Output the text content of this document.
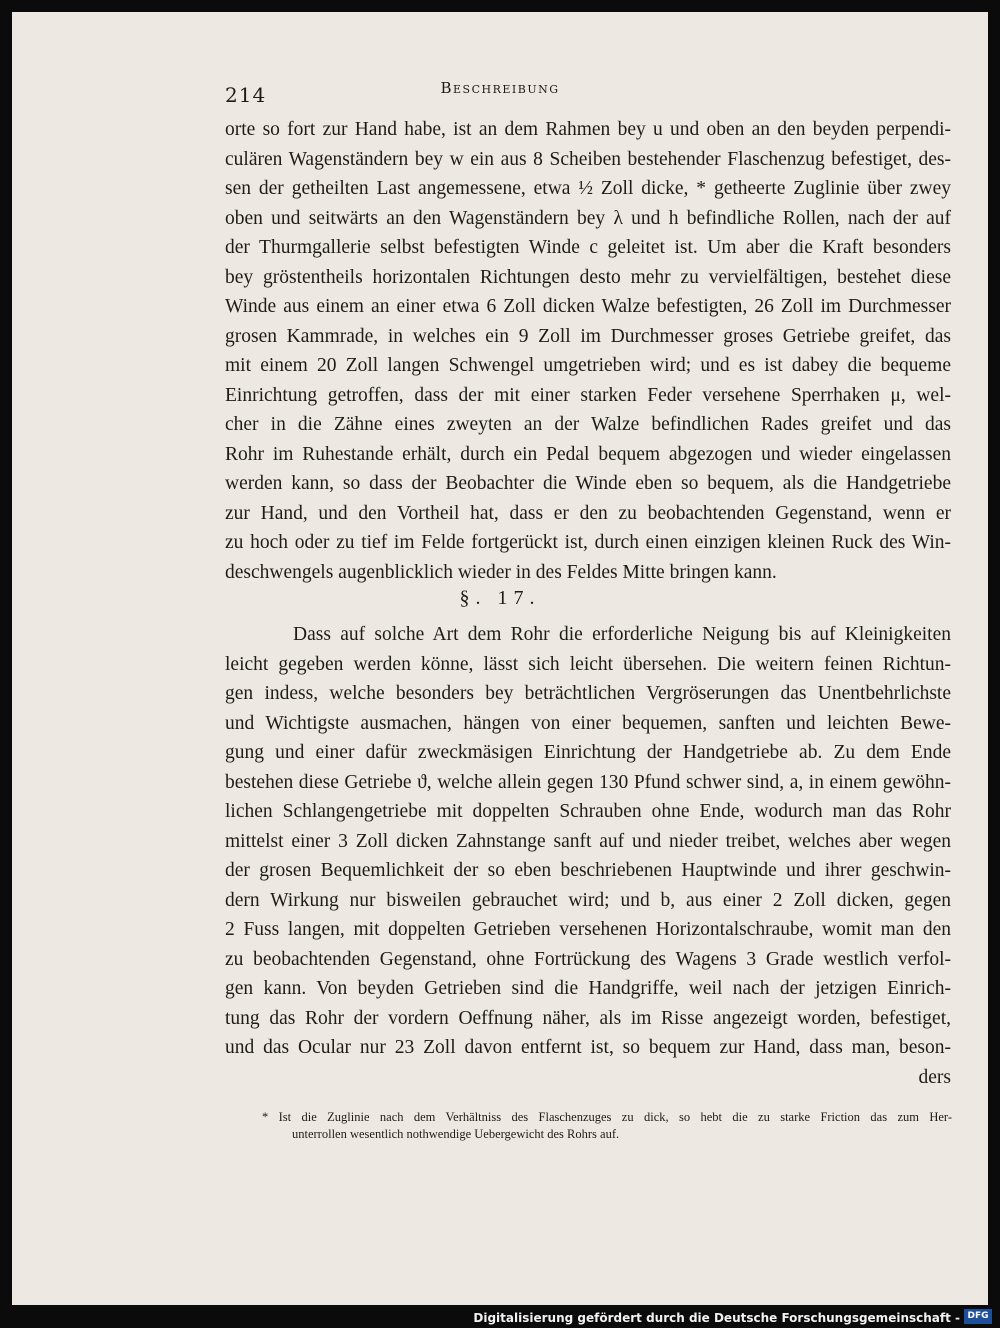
214	Beschreibung
orte so fort zur Hand habe, ist an dem Rahmen bey u und oben an den beyden perpendi-
culären Wagenständern bey w ein aus 8 Scheiben bestehender Flaschenzug befestiget, des-
sen der getheilten Last angemessene, etwa ½ Zoll dicke, * getheerte Zuglinie über zwey
oben und seitwärts an den Wagenständern bey λ und h befindliche Rollen, nach der auf
der Thurmgallerie selbst befestigten Winde c geleitet ist. Um aber die Kraft besonders
bey gröstentheils horizontalen Richtungen desto mehr zu vervielfältigen, bestehet diese
Winde aus einem an einer etwa 6 Zoll dicken Walze befestigten, 26 Zoll im Durchmesser
grosen Kammrade, in welches ein 9 Zoll im Durchmesser groses Getriebe greifet, das
mit einem 20 Zoll langen Schwengel umgetrieben wird; und es ist dabey die bequeme
Einrichtung getroffen, dass der mit einer starken Feder versehene Sperrhaken μ, wel-
cher in die Zähne eines zweyten an der Walze befindlichen Rades greifet und das
Rohr im Ruhestande erhält, durch ein Pedal bequem abgezogen und wieder eingelassen
werden kann, so dass der Beobachter die Winde eben so bequem, als die Handgetriebe
zur Hand, und den Vortheil hat, dass er den zu beobachtenden Gegenstand, wenn er
zu hoch oder zu tief im Felde fortgerückt ist, durch einen einzigen kleinen Ruck des Win-
deschwengels augenblicklich wieder in des Feldes Mitte bringen kann.
§. 17.
Dass auf solche Art dem Rohr die erforderliche Neigung bis auf Kleinigkeiten
leicht gegeben werden könne, lässt sich leicht übersehen. Die weitern feinen Richtun-
gen indess, welche besonders bey beträchtlichen Vergröserungen das Unentbehrlichste
und Wichtigste ausmachen, hängen von einer bequemen, sanften und leichten Bewe-
gung und einer dafür zweckmäsigen Einrichtung der Handgetriebe ab. Zu dem Ende
bestehen diese Getriebe ϑ, welche allein gegen 130 Pfund schwer sind, a, in einem gewöhn-
lichen Schlangengetriebe mit doppelten Schrauben ohne Ende, wodurch man das Rohr
mittelst einer 3 Zoll dicken Zahnstange sanft auf und nieder treibet, welches aber wegen
der grosen Bequemlichkeit der so eben beschriebenen Hauptwinde und ihrer geschwin-
dern Wirkung nur bisweilen gebrauchet wird; und b, aus einer 2 Zoll dicken, gegen
2 Fuss langen, mit doppelten Getrieben versehenen Horizontalschraube, womit man den
zu beobachtenden Gegenstand, ohne Fortrückung des Wagens 3 Grade westlich verfol-
gen kann. Von beyden Getrieben sind die Handgriffe, weil nach der jetzigen Einrich-
tung das Rohr der vordern Oeffnung näher, als im Risse angezeigt worden, befestiget,
und das Ocular nur 23 Zoll davon entfernt ist, so bequem zur Hand, dass man, beson-
ders
* Ist die Zuglinie nach dem Verhältniss des Flaschenzuges zu dick, so hebt die zu starke Friction das zum Her-
unterrollen wesentlich nothwendige Uebergewicht des Rohrs auf.
Digitalisierung gefördert durch die Deutsche Forschungsgemeinschaft - DFG
